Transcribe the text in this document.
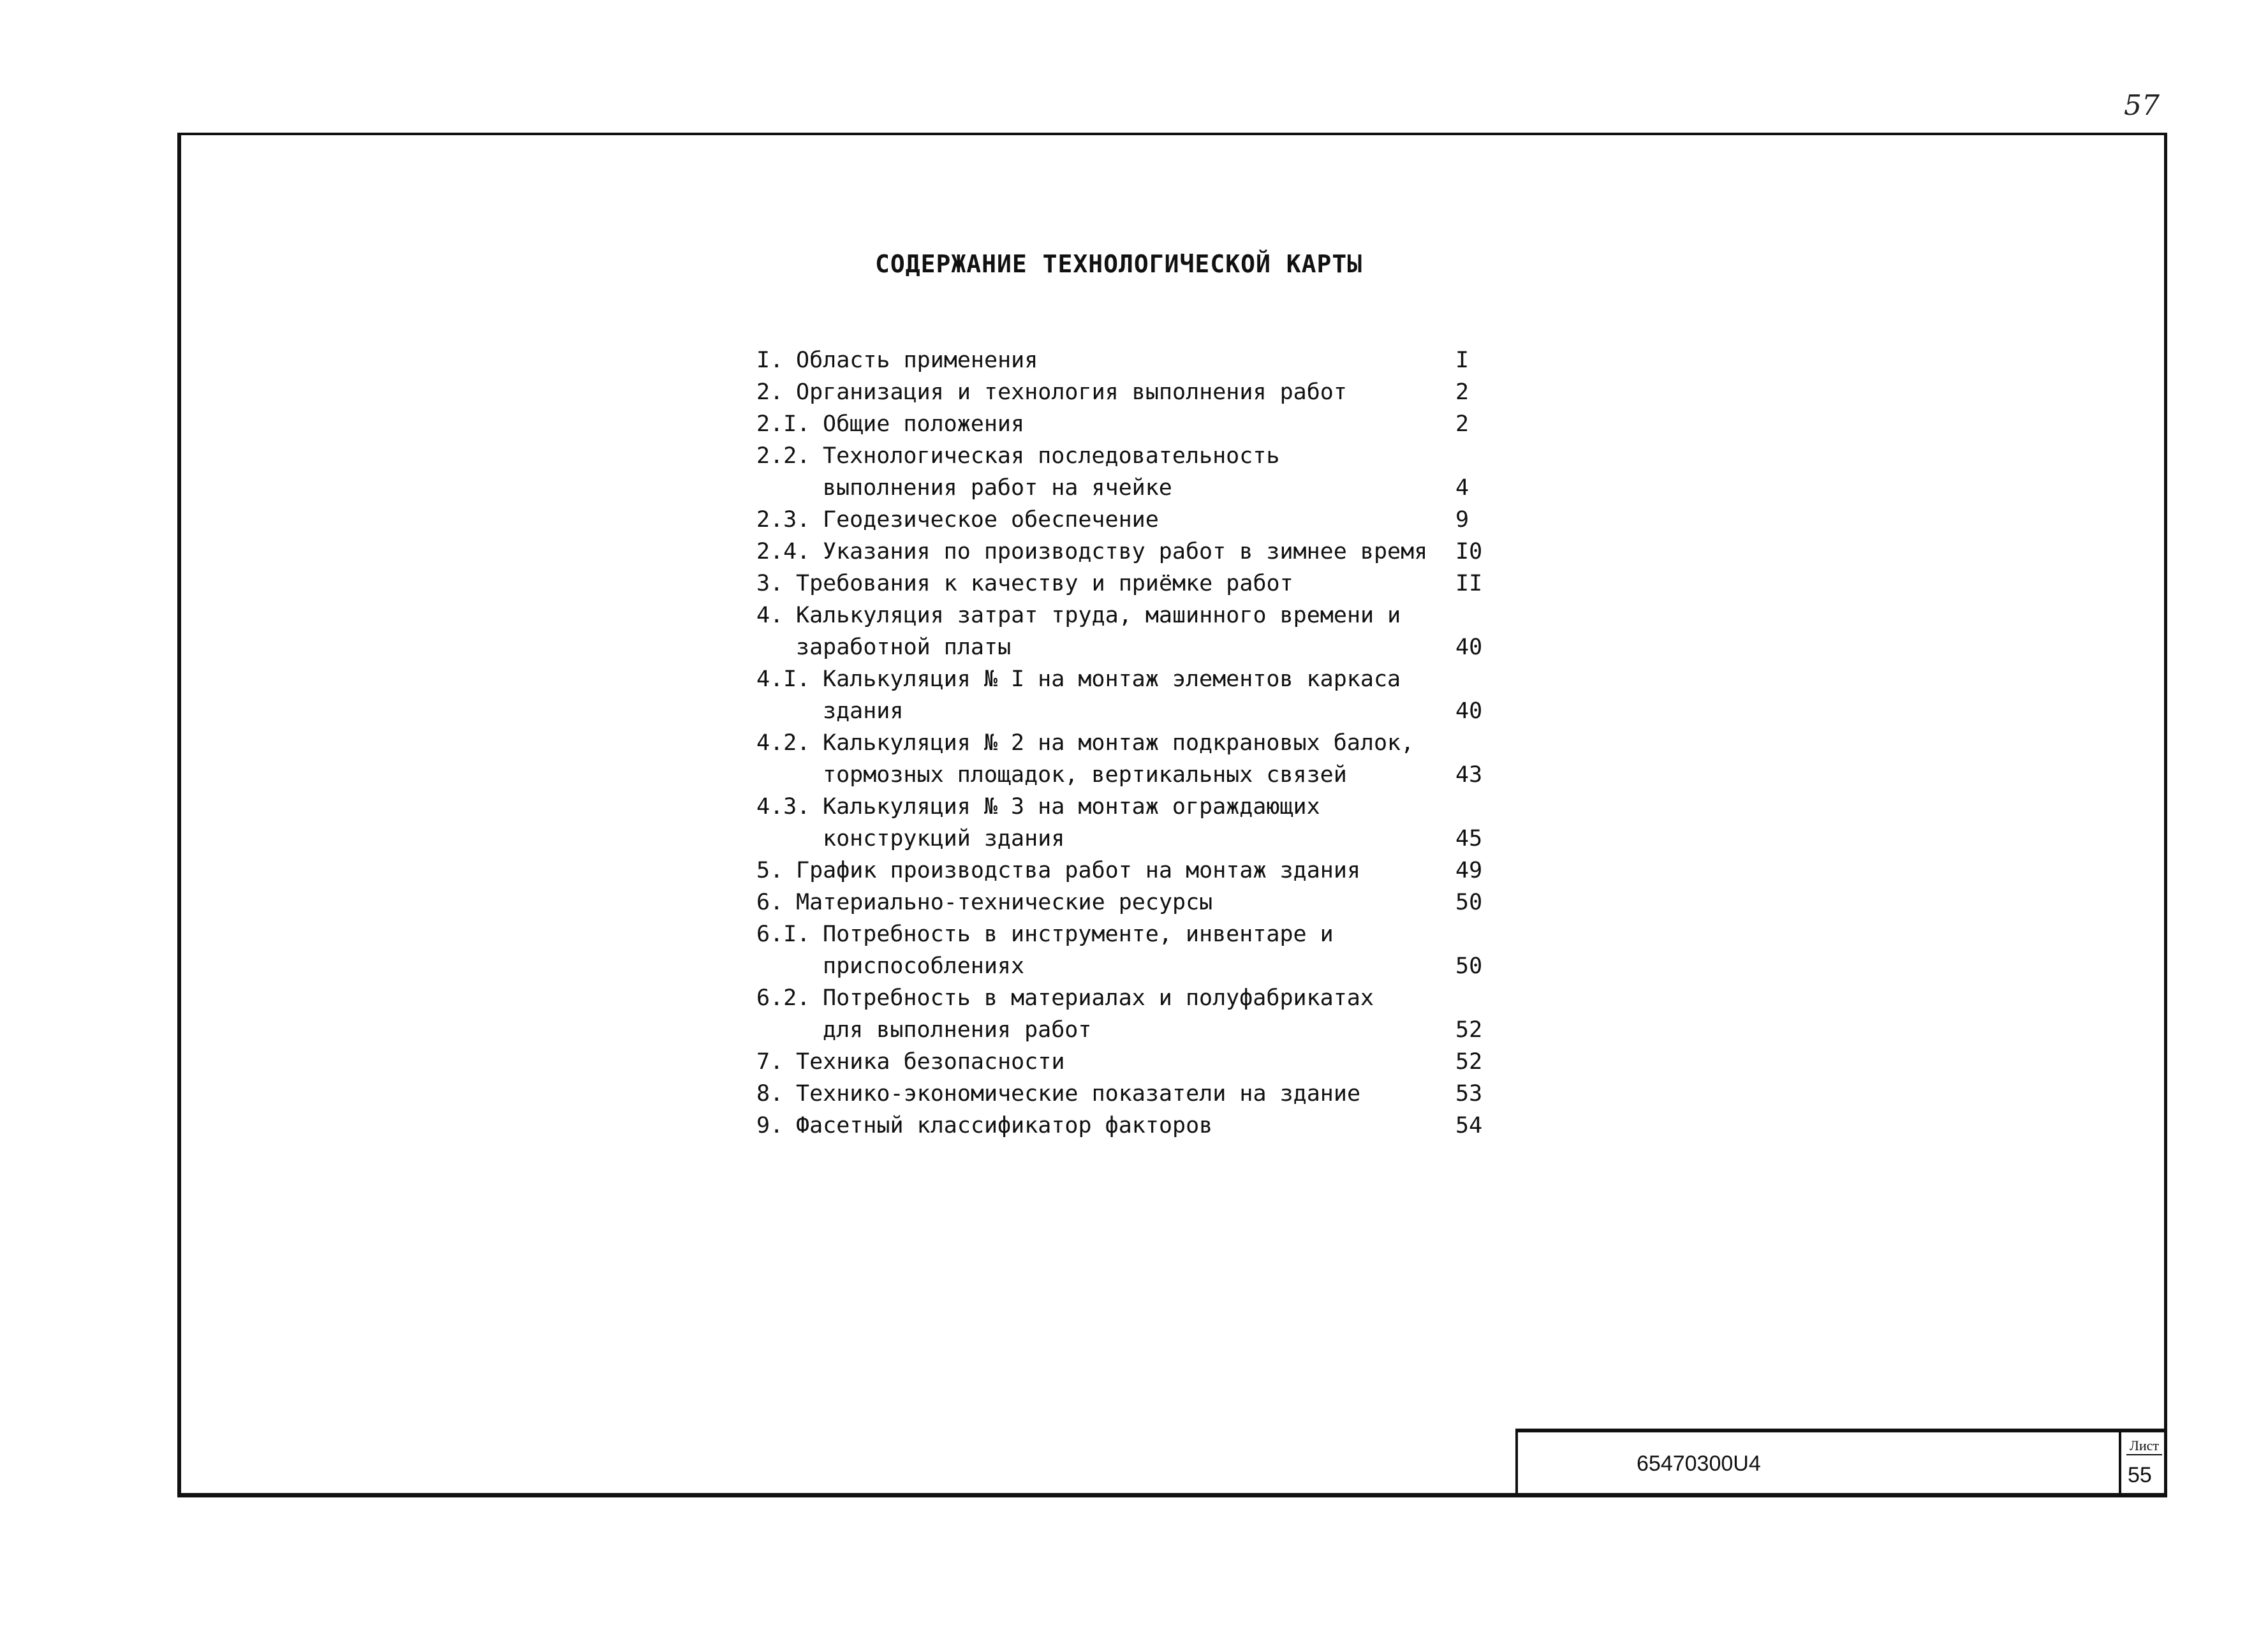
57
СОДЕРЖАНИЕ ТЕХНОЛОГИЧЕСКОЙ КАРТЫ
I. Область применения	I
2. Организация и технология выполнения работ	2
2.I. Общие положения	2
2.2. Технологическая последовательность
выполнения работ на ячейке	4
2.3. Геодезическое обеспечение	9
2.4. Указания по производству работ в зимнее время I0
3. Требования к качеству и приёмке работ	II
4. Калькуляция затрат труда, машинного времени и
заработной платы	40
4.I. Калькуляция № I на монтаж элементов каркаса
здания	40
4.2. Калькуляция № 2 на монтаж подкрановых балок,
тормозных площадок, вертикальных связей	43
4.3. Калькуляция № 3 на монтаж ограждающих
конструкций здания	45
5. График производства работ на монтаж здания	49
6. Материально-технические ресурсы	50
6.I. Потребность в инструменте, инвентаре и
приспособлениях	50
6.2. Потребность в материалах и полуфабрикатах
для выполнения работ	52
7. Техника безопасности	52
8. Технико-экономические показатели на здание	53
9. Фасетный классификатор факторов	54
65470300U4
Лист
55
